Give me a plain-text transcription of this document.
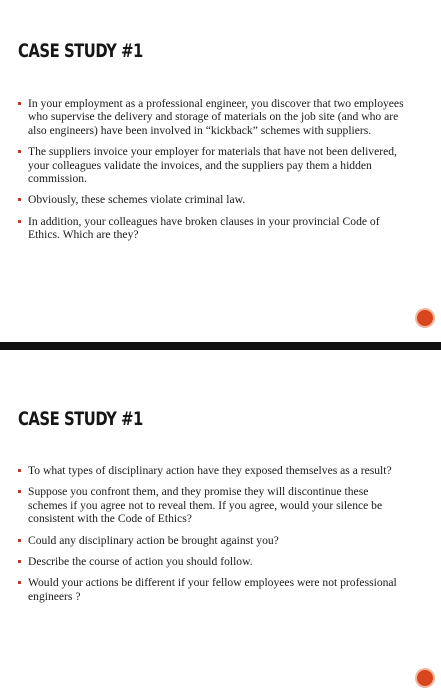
CASE STUDY #1
In your employment as a professional engineer, you discover that two employees who supervise the delivery and storage of materials on the job site (and who are also engineers) have been involved in “kickback” schemes with suppliers.
The suppliers invoice your employer for materials that have not been delivered, your colleagues validate the invoices, and the suppliers pay them a hidden commission.
Obviously, these schemes violate criminal law.
In addition, your colleagues have broken clauses in your provincial Code of Ethics. Which are they?
CASE STUDY #1
To what types of disciplinary action have they exposed themselves as a result?
Suppose you confront them, and they promise they will discontinue these schemes if you agree not to reveal them. If you agree, would your silence be consistent with the Code of Ethics?
Could any disciplinary action be brought against you?
Describe the course of action you should follow.
Would your actions be different if your fellow employees were not professional engineers ?
